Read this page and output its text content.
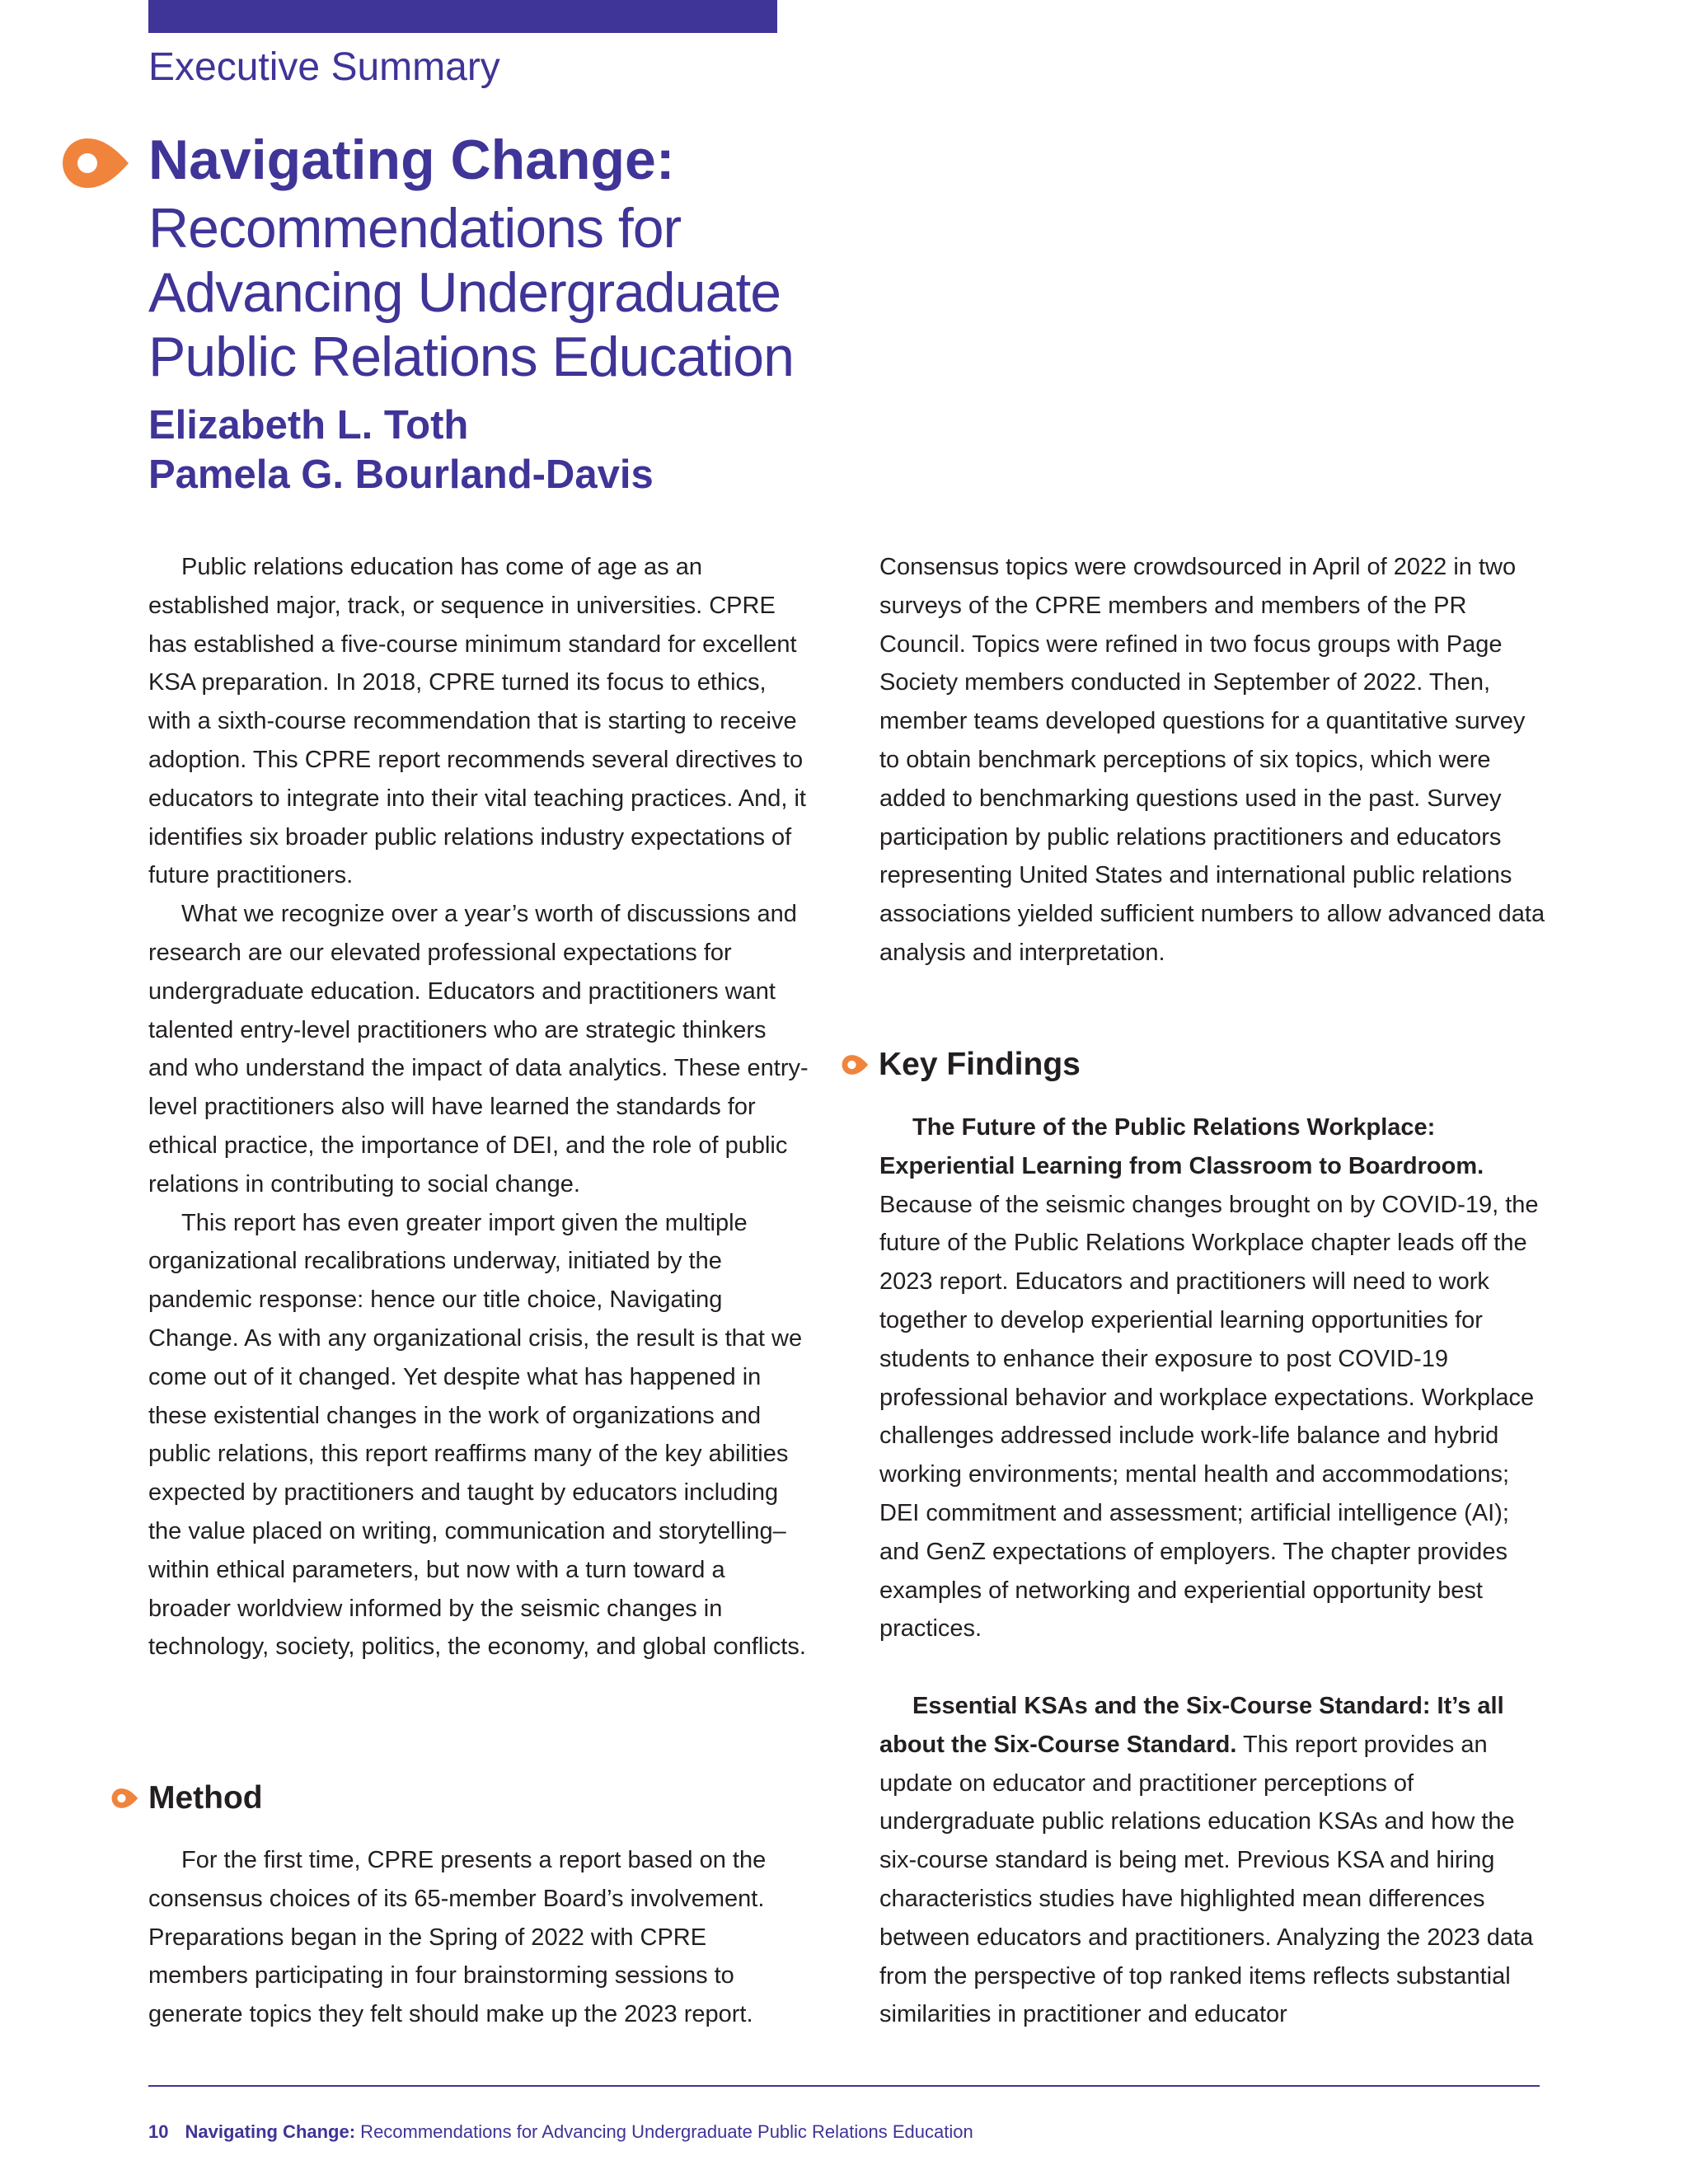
Executive Summary
Navigating Change:
Recommendations for Advancing Undergraduate Public Relations Education
Elizabeth L. Toth
Pamela G. Bourland-Davis

Public relations education has come of age as an established major, track, or sequence in universities. CPRE has established a five-course minimum standard for excellent KSA preparation. In 2018, CPRE turned its focus to ethics, with a sixth-course recommendation that is starting to receive adoption. This CPRE report recommends several directives to educators to integrate into their vital teaching practices. And, it identifies six broader public relations industry expectations of future practitioners.

What we recognize over a year’s worth of discussions and research are our elevated professional expectations for undergraduate education. Educators and practitioners want talented entry-level practitioners who are strategic thinkers and who understand the impact of data analytics. These entry-level practitioners also will have learned the standards for ethical practice, the importance of DEI, and the role of public relations in contributing to social change.

This report has even greater import given the multiple organizational recalibrations underway, initiated by the pandemic response: hence our title choice, Navigating Change. As with any organizational crisis, the result is that we come out of it changed. Yet despite what has happened in these existential changes in the work of organizations and public relations, this report reaffirms many of the key abilities expected by practitioners and taught by educators including the value placed on writing, communication and storytelling–within ethical parameters, but now with a turn toward a broader worldview informed by the seismic changes in technology, society, politics, the economy, and global conflicts.

Method

For the first time, CPRE presents a report based on the consensus choices of its 65-member Board’s involvement. Preparations began in the Spring of 2022 with CPRE members participating in four brainstorming sessions to generate topics they felt should make up the 2023 report.

Consensus topics were crowdsourced in April of 2022 in two surveys of the CPRE members and members of the PR Council. Topics were refined in two focus groups with Page Society members conducted in September of 2022. Then, member teams developed questions for a quantitative survey to obtain benchmark perceptions of six topics, which were added to benchmarking questions used in the past. Survey participation by public relations practitioners and educators representing United States and international public relations associations yielded sufficient numbers to allow advanced data analysis and interpretation.

Key Findings

The Future of the Public Relations Workplace: Experiential Learning from Classroom to Boardroom. Because of the seismic changes brought on by COVID-19, the future of the Public Relations Workplace chapter leads off the 2023 report. Educators and practitioners will need to work together to develop experiential learning opportunities for students to enhance their exposure to post COVID-19 professional behavior and workplace expectations. Workplace challenges addressed include work-life balance and hybrid working environments; mental health and accommodations; DEI commitment and assessment; artificial intelligence (AI); and GenZ expectations of employers. The chapter provides examples of networking and experiential opportunity best practices.

Essential KSAs and the Six-Course Standard: It’s all about the Six-Course Standard. This report provides an update on educator and practitioner perceptions of undergraduate public relations education KSAs and how the six-course standard is being met. Previous KSA and hiring characteristics studies have highlighted mean differences between educators and practitioners. Analyzing the 2023 data from the perspective of top ranked items reflects substantial similarities in practitioner and educator

10 Navigating Change: Recommendations for Advancing Undergraduate Public Relations Education
